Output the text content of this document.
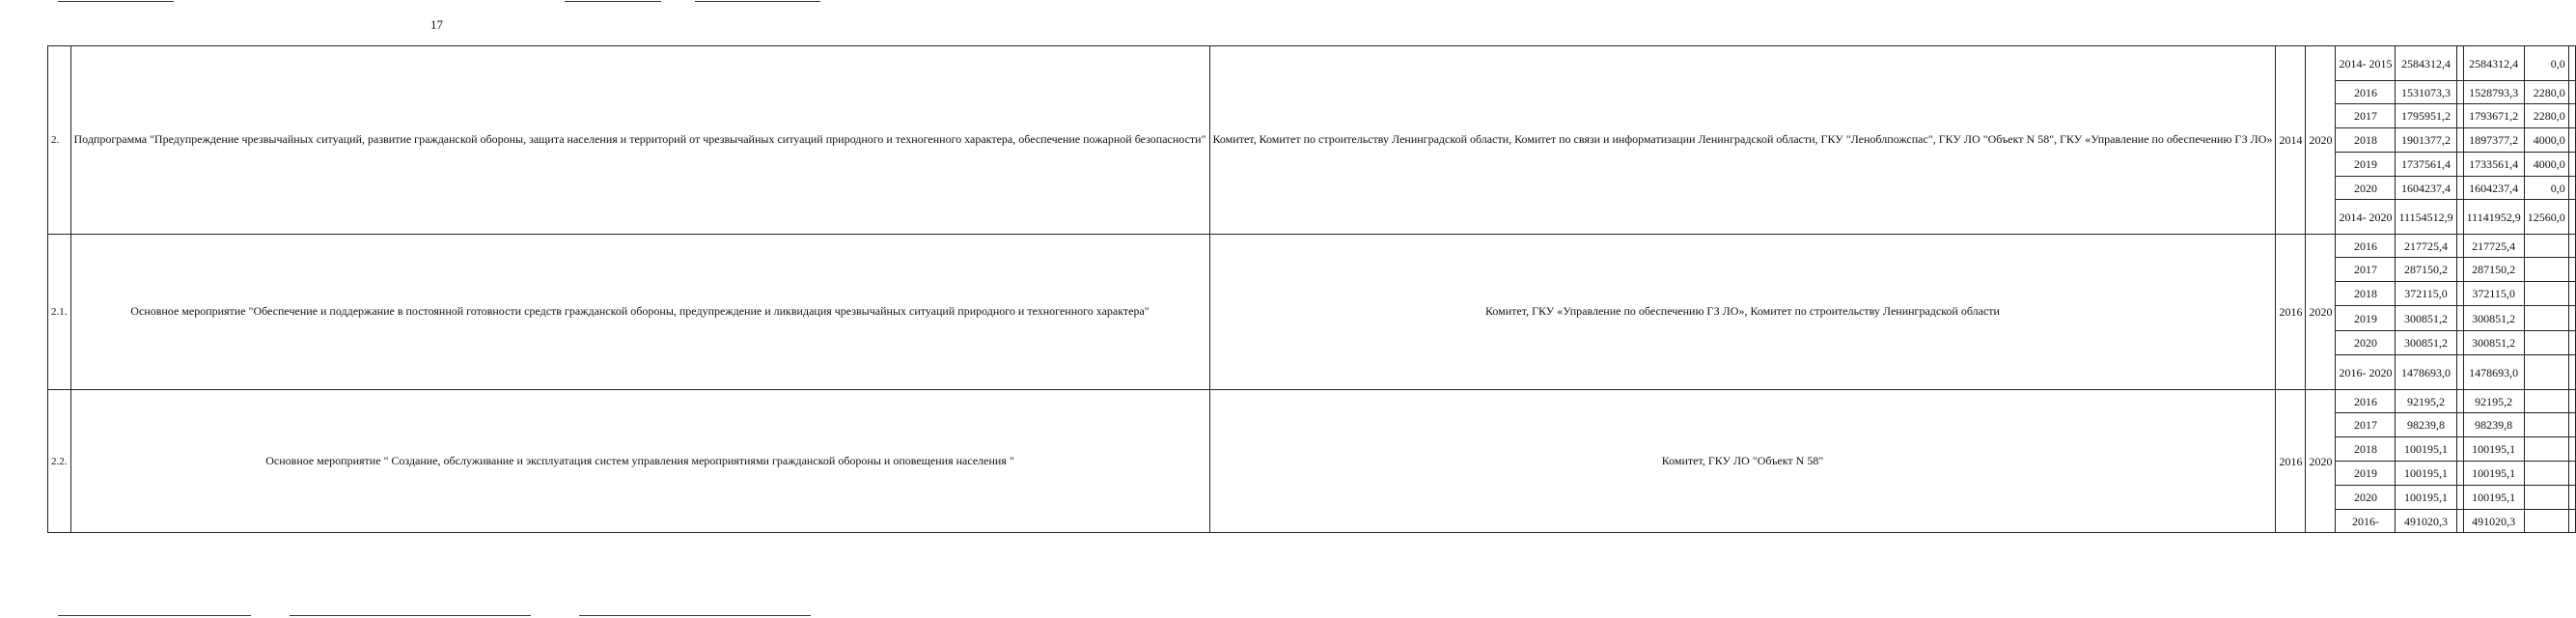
17
2.	Подпрограмма "Предупреждение чрезвычайных ситуаций, развитие гражданской обороны, защита населения и территорий от чрезвычайных ситуаций природного и техногенного характера, обеспечение пожарной безопасности"	Комитет, Комитет по строительству Ленинградской области, Комитет по связи и информатизации Ленинградской области, ГКУ "Леноблпожспас", ГКУ ЛО "Объект N 58", ГКУ «Управление по обеспечению ГЗ ЛО»	2014	2020	2014- 2015	2584312,4		2584312,4	0,0	
					2016	1531073,3		1528793,3	2280,0	
					2017	1795951,2		1793671,2	2280,0	
					2018	1901377,2		1897377,2	4000,0	
					2019	1737561,4		1733561,4	4000,0	
					2020	1604237,4		1604237,4	0,0	
					2014- 2020	11154512,9		11141952,9	12560,0	
2.1.	Основное мероприятие "Обеспечение и поддержание в постоянной готовности средств гражданской обороны, предупреждение и ликвидация чрезвычайных ситуаций природного и техногенного характера"	Комитет, ГКУ «Управление по обеспечению ГЗ ЛО», Комитет по строительству Ленинградской области	2016	2020	2016	217725,4		217725,4		
					2017	287150,2		287150,2		
					2018	372115,0		372115,0		
					2019	300851,2		300851,2		
					2020	300851,2		300851,2		
					2016- 2020	1478693,0		1478693,0		
2.2.	Основное мероприятие " Создание, обслуживание и эксплуатация систем управления мероприятиями гражданской обороны и оповещения населения "	Комитет, ГКУ ЛО "Объект N 58"	2016	2020	2016	92195,2		92195,2		
					2017	98239,8		98239,8		
					2018	100195,1		100195,1		
					2019	100195,1		100195,1		
					2020	100195,1		100195,1		
					2016-	491020,3		491020,3		
